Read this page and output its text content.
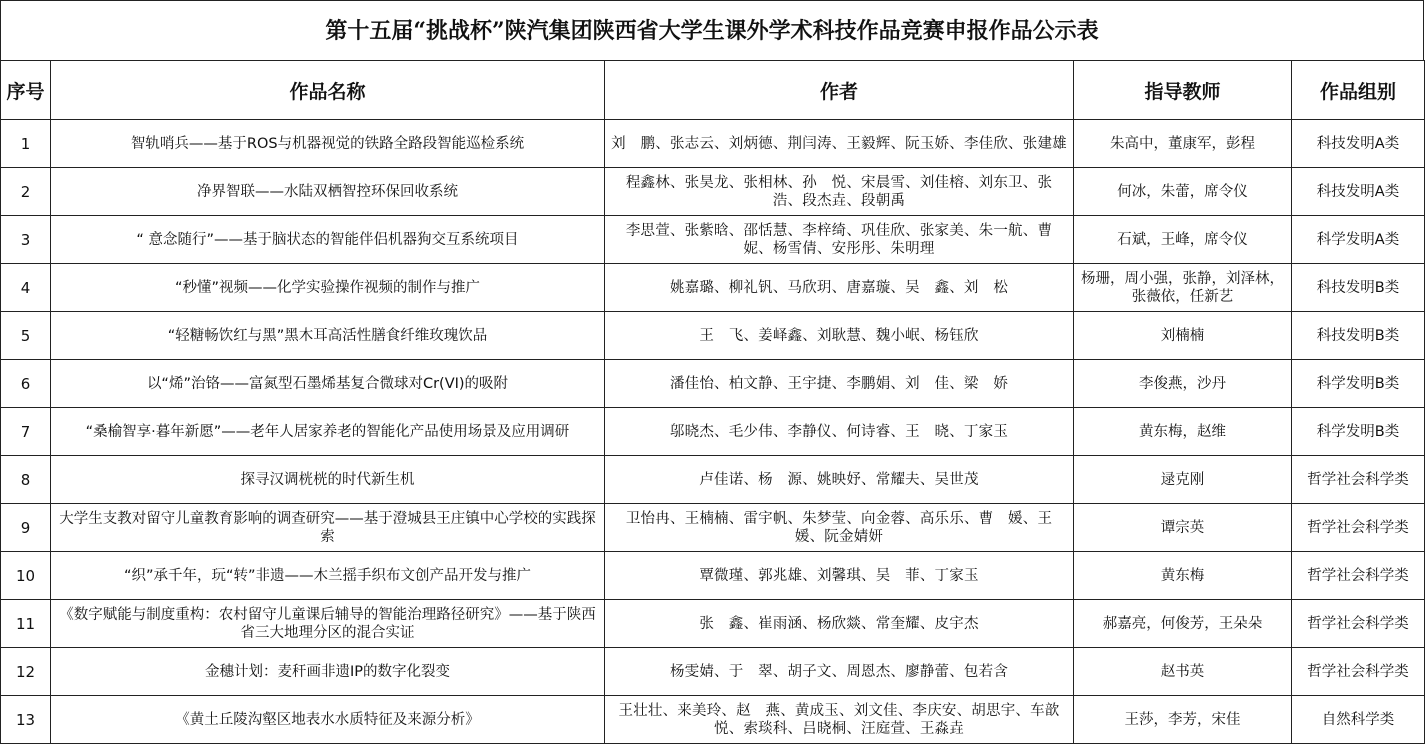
第十五届“挑战杯”陕汽集团陕西省大学生课外学术科技作品竞赛申报作品公示表
序号	作品名称	作者	指导教师	作品组别
1	智轨哨兵——基于ROS与机器视觉的铁路全路段智能巡检系统	刘　鹏、张志云、刘炳德、荆闫涛、王毅辉、阮玉娇、李佳欣、张建雄	朱高中，董康军，彭程	科技发明A类
2	净界智联——水陆双栖智控环保回收系统	程鑫林、张昊龙、张相林、孙　悦、宋晨雪、刘佳榕、刘东卫、张　浩、段杰垚、段朝禹	何冰，朱蕾，席令仪	科技发明A类
3	“ 意念随行”——基于脑状态的智能伴侣机器狗交互系统项目	李思萱、张紫晗、邵恬慧、李梓绮、巩佳欣、张家美、朱一航、曹　妮、杨雪倩、安彤彤、朱明理	石斌，王峰，席令仪	科学发明A类
4	“秒懂”视频——化学实验操作视频的制作与推广	姚嘉璐、柳礼钒、马欣玥、唐嘉璇、吴　鑫、刘　松	杨珊，周小强，张静，刘泽林，张薇依，任新艺	科技发明B类
5	“轻糖畅饮红与黑”黑木耳高活性膳食纤维玫瑰饮品	王　飞、姜峄鑫、刘耿慧、魏小岷、杨钰欣	刘楠楠	科技发明B类
6	以“烯”治铬——富氮型石墨烯基复合微球对Cr(VI)的吸附	潘佳怡、柏文静、王宇捷、李鹏娟、刘　佳、梁　娇	李俊燕，沙丹	科学发明B类
7	“桑榆智享·暮年新愿”——老年人居家养老的智能化产品使用场景及应用调研	邬晓杰、毛少伟、李静仪、何诗睿、王　晓、丁家玉	黄东梅，赵维	科学发明B类
8	探寻汉调桄桄的时代新生机	卢佳诺、杨　源、姚映妤、常耀夫、吴世茂	逯克刚	哲学社会科学类
9	大学生支教对留守儿童教育影响的调查研究——基于澄城县王庄镇中心学校的实践探索	卫怡冉、王楠楠、雷宇帆、朱梦莹、向金蓉、高乐乐、曹　媛、王　媛、阮金婧妍	谭宗英	哲学社会科学类
10	“织”承千年，玩“转”非遗——木兰摇手织布文创产品开发与推广	覃微瑾、郭兆雄、刘馨琪、吴　菲、丁家玉	黄东梅	哲学社会科学类
11	《数字赋能与制度重构：农村留守儿童课后辅导的智能治理路径研究》——基于陕西省三大地理分区的混合实证	张　鑫、崔雨涵、杨欣燚、常奎耀、皮宇杰	郝嘉亮，何俊芳，王朵朵	哲学社会科学类
12	金穗计划：麦秆画非遗IP的数字化裂变	杨雯婧、于　翠、胡子文、周恩杰、廖静蕾、包若含	赵书英	哲学社会科学类
13	《黄土丘陵沟壑区地表水水质特征及来源分析》	王壮壮、来美玲、赵　燕、黄成玉、刘文佳、李庆安、胡思宇、车歆悦、索琰科、吕晓桐、汪庭萱、王淼垚	王莎，李芳，宋佳	自然科学类
